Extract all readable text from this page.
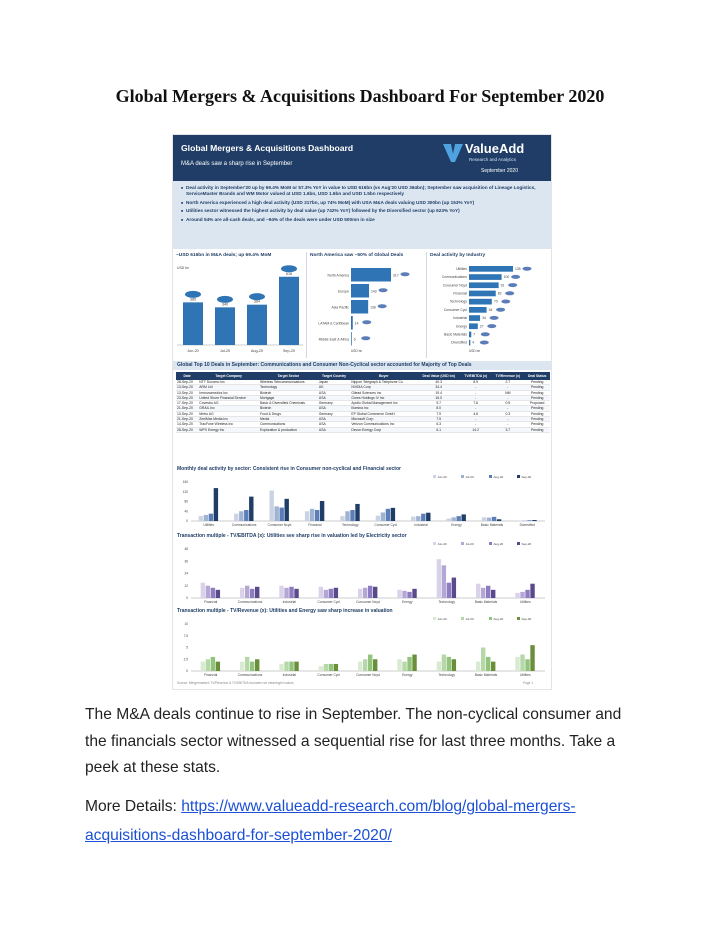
Global Mergers & Acquisitions Dashboard For September 2020
Global Mergers & Acquisitions Dashboard
M&A deals saw a sharp rise in September
ValueAdd
Research and Analytics
September 2020
■ Deal activity in September'20 up by 69.4% MoM or 57.3% YoY in value to USD 616bn (vs Aug'20 USD 364bn); September saw acquisition of Lineage Logistics, ServiceMaster Brands and WM Motor valued at USD 1.6bn, USD 1.6bn and USD 1.5bn respectively
■ North America experienced a high deal activity (USD 317bn, up 74% MoM) with USA M&A deals valuing USD 300bn (up 153% YoY)
■ Utilities sector witnessed the highest activity by deal value (up 742% YoY) followed by the Diversified sector (up 623% YoY)
■ Around 54% are all-cash deals, and ~94% of the deals were under USD 500mn in size
~USD 616bn in M&A deals; up 69.4% MoM
USD bn
385
Jun-20
340
Jul-20
364
Aug-20
616
Sep-20
North America saw ~50% of Global Deals
North America	317
Europe	143
Asia Pacific	136
LATAM & Caribbean 14
Middle East & Africa 6
USD bn
Deal activity by Industry
Utilities	135
Communications	100
Consumer Ncyd	91
Financial	82
Technology	70
Consumer Cycl	54
Industrial	34
Energy	27
Basic Materials 7
Diversified 4
USD bn
Global Top 10 Deals in September: Communications and Consumer Non-Cyclical sector accounted for Majority of Top Deals
Date	Target Company	Target Sector	Target Country	Buyer	Deal Value (USD bn)	TV/EBITDA (x)	TV/Revenue (x)	Deal Status
28-Sep-20	NTT Docomo Inc	Wireless Telecommunications	Japan	Nippon Telegraph & Telephone Co	40.3	8.9	2.7	Pending
13-Sep-20	ARM Ltd	Technology	UK	NVIDIA Corp	34.4	-	-	Pending
13-Sep-20	Immunomedics Inc	Biotech	USA	Gilead Sciences Inc	19.4	-	NM	Pending
23-Sep-20	United Shore Financial Service	Mortgage	USA	Gores Holdings IV Inc	16.0	-	-	Pending
17-Sep-20	Covestro AG	Basic & Diversified Chemicals	Germany	Apollo Global Management Inc	9.7	7.6	0.9	Proposed
21-Sep-20	GRAIL Inc	Biotech	USA	Illumina Inc	8.0	-	-	Pending
13-Sep-20	Metro AG	Food & Drugs	Germany	EP Global Commerce GmbH	7.9	4.6	0.3	Pending
21-Sep-20	ZeniMax Media Inc	Media	USA	Microsoft Corp	7.5	-	-	Pending
14-Sep-20	TracFone Wireless Inc	Communications	USA	Verizon Communications Inc	6.3	-	-	Pending
28-Sep-20	WPX Energy Inc	Exploration & production	USA	Devon Energy Corp	6.1	14.2	3.7	Pending
Monthly deal activity by sector: Consistent rise in Consumer non-cyclical and Financial sector
0
40
80
120
160
Jun-20	Jul-20	Aug-20	Sep-20
Utilities	Communications	Consumer Ncyd	Financial	Technology	Consumer Cycl	Industrial	Energy	Basic Materials	Diversified
Transaction multiple - TV/EBITDA (x): Utilities see sharp rise in valuation led by Electricity sector
0
12
24
36
48
Jun-20	Jul-20	Aug-20	Sep-20
Financial	Communications	Industrial	Consumer Cycl	Consumer Ncyd	Energy	Technology	Basic Materials	Utilities
Transaction multiple - TV/Revenue (x): Utilities and Energy saw sharp increase in valuation
0
2.5
5
7.5
10
Jun-20	Jul-20	Aug-20	Sep-20
Financial	Communications	Industrial	Consumer Cycl	Consumer Ncyd	Energy	Technology	Basic Materials	Utilities
Source: Mergermarket; TV/Revenue & TV/EBITDA excludes not meaningful values	Page 1

The M&A deals continue to rise in September. The non-cyclical consumer and the financials sector witnessed a sequential rise for last three months. Take a peek at these stats.

More Details: https://www.valueadd-research.com/blog/global-mergers-acquisitions-dashboard-for-september-2020/
